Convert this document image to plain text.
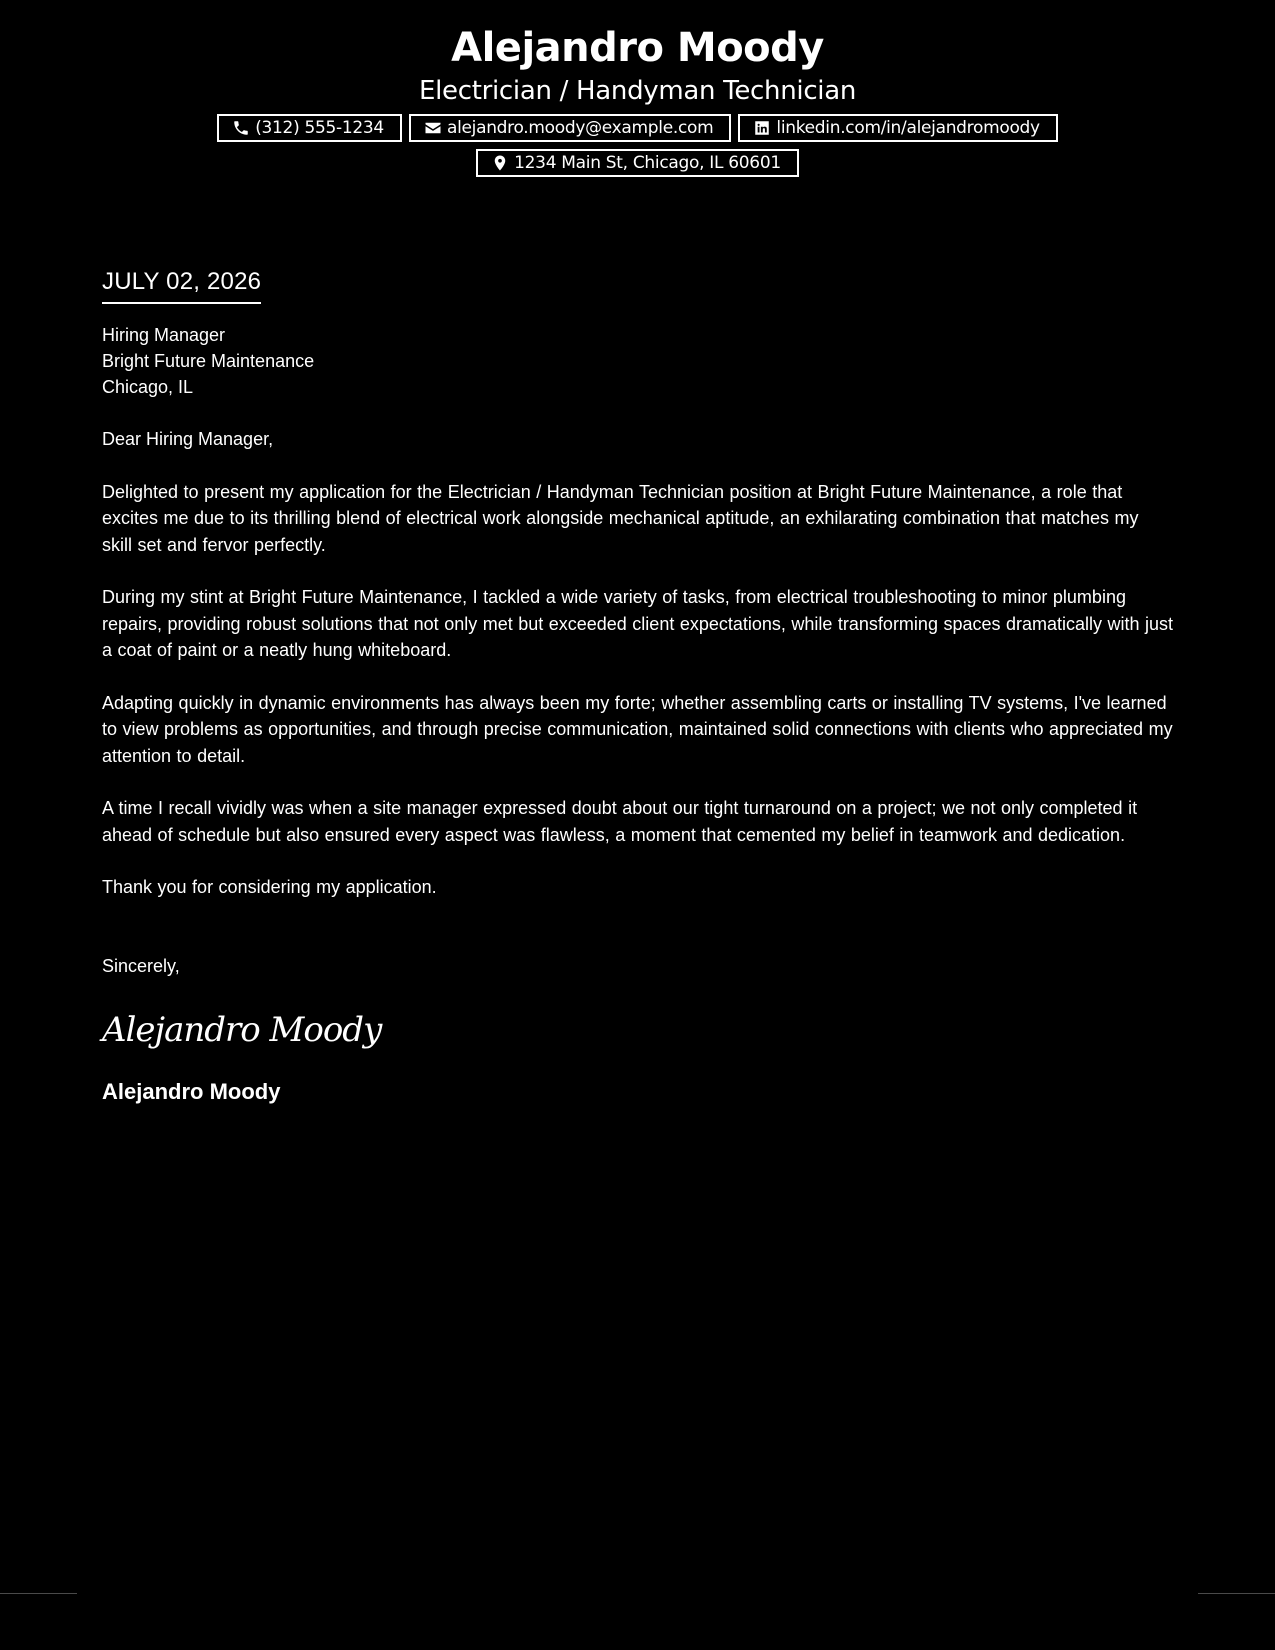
Alejandro Moody
Electrician / Handyman Technician
(312) 555-1234	alejandro.moody@example.com	linkedin.com/in/alejandromoody
1234 Main St, Chicago, IL 60601
JULY 02, 2026
Hiring Manager
Bright Future Maintenance
Chicago, IL
Dear Hiring Manager,
Delighted to present my application for the Electrician / Handyman Technician position at Bright Future Maintenance, a role that excites me due to its thrilling blend of electrical work alongside mechanical aptitude, an exhilarating combination that matches my skill set and fervor perfectly.
During my stint at Bright Future Maintenance, I tackled a wide variety of tasks, from electrical troubleshooting to minor plumbing repairs, providing robust solutions that not only met but exceeded client expectations, while transforming spaces dramatically with just a coat of paint or a neatly hung whiteboard.
Adapting quickly in dynamic environments has always been my forte; whether assembling carts or installing TV systems, I've learned to view problems as opportunities, and through precise communication, maintained solid connections with clients who appreciated my attention to detail.
A time I recall vividly was when a site manager expressed doubt about our tight turnaround on a project; we not only completed it ahead of schedule but also ensured every aspect was flawless, a moment that cemented my belief in teamwork and dedication.
Thank you for considering my application.
Sincerely,
Alejandro Moody
Alejandro Moody
